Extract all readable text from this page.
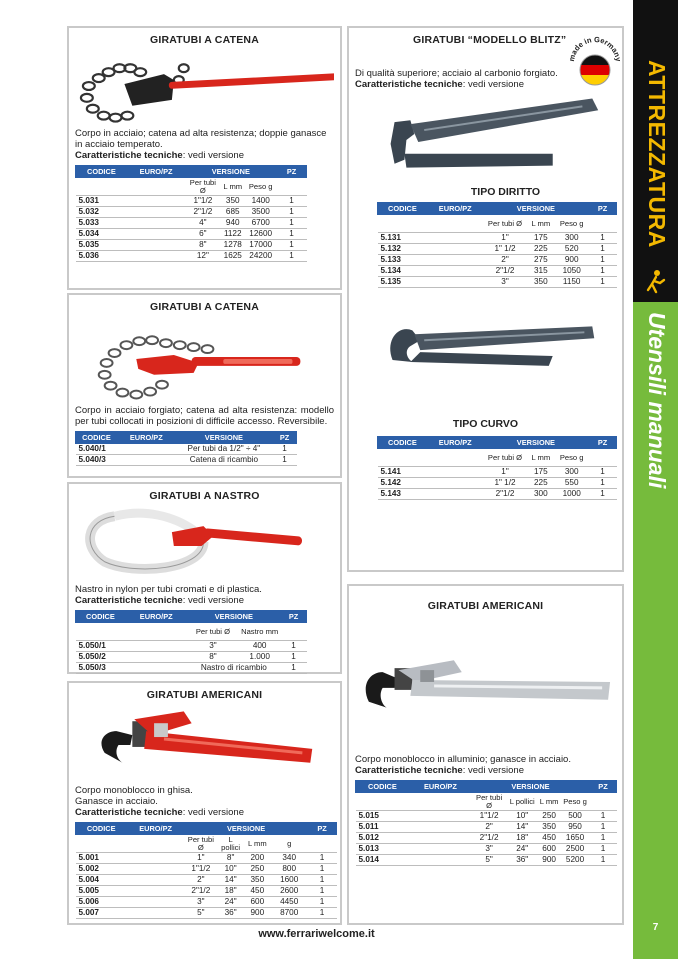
GIRATUBI A CATENA

Corpo in acciaio; catena ad alta resistenza; doppie ganasce in acciaio temperato.
Caratteristiche tecniche: vedi versione

CODICE	EURO/PZ	VERSIONE			PZ
		Per tubi Ø	L mm	Peso g	
5.031		1"1/2	350	1400	1
5.032		2"1/2	685	3500	1
5.033		4"	940	6700	1
5.034		6"	1122	12600	1
5.035		8"	1278	17000	1
5.036		12"	1625	24200	1
GIRATUBI A CATENA

Corpo in acciaio forgiato; catena ad alta resistenza: modello per tubi collocati in posizioni di difficile accesso. Reversibile.

CODICE	EURO/PZ	VERSIONE	PZ
5.040/1		Per tubi da 1/2" ÷ 4"	1
5.040/3		Catena di ricambio	1
GIRATUBI A NASTRO

Nastro in nylon per tubi cromati e di plastica.
Caratteristiche tecniche: vedi versione

CODICE	EURO/PZ	VERSIONE		PZ
		Per tubi Ø	Nastro mm	
5.050/1		3"	400	1
5.050/2		8"	1.000	1
5.050/3		Nastro di ricambio		1
GIRATUBI AMERICANI

Corpo monoblocco in ghisa.
Ganasce in acciaio.
Caratteristiche tecniche: vedi versione

CODICE	EURO/PZ	VERSIONE				PZ
		Per tubi Ø	L pollici	L mm	g	
5.001		1"	8"	200	340	1
5.002		1"1/2	10"	250	800	1
5.004		2"	14"	350	1600	1
5.005		2"1/2	18"	450	2600	1
5.006		3"	24"	600	4450	1
5.007		5"	36"	900	8700	1
GIRATUBI “MODELLO BLITZ”

Di qualità superiore; acciaio al carbonio forgiato.
Caratteristiche tecniche: vedi versione

TIPO DIRITTO
CODICE	EURO/PZ	VERSIONE			PZ
		Per tubi Ø	L mm	Peso g	
5.131		1"	175	300	1
5.132		1" 1/2	225	520	1
5.133		2"	275	900	1
5.134		2"1/2	315	1050	1
5.135		3"	350	1150	1
TIPO CURVO
CODICE	EURO/PZ	VERSIONE			PZ
		Per tubi Ø	L mm	Peso g	
5.141		1"	175	300	1
5.142		1" 1/2	225	550	1
5.143		2"1/2	300	1000	1
made in Germany
GIRATUBI AMERICANI

Corpo monoblocco in alluminio; ganasce in acciaio.
Caratteristiche tecniche: vedi versione

CODICE	EURO/PZ	VERSIONE				PZ
		Per tubi Ø	L pollici	L mm	Peso g	
5.015		1"1/2	10"	250	500	1
5.011		2"	14"	350	950	1
5.012		2"1/2	18"	450	1650	1
5.013		3"	24"	600	2500	1
5.014		5"	36"	900	5200	1
www.ferrariwelcome.it
ATTREZZATURA
Utensili manuali
7
